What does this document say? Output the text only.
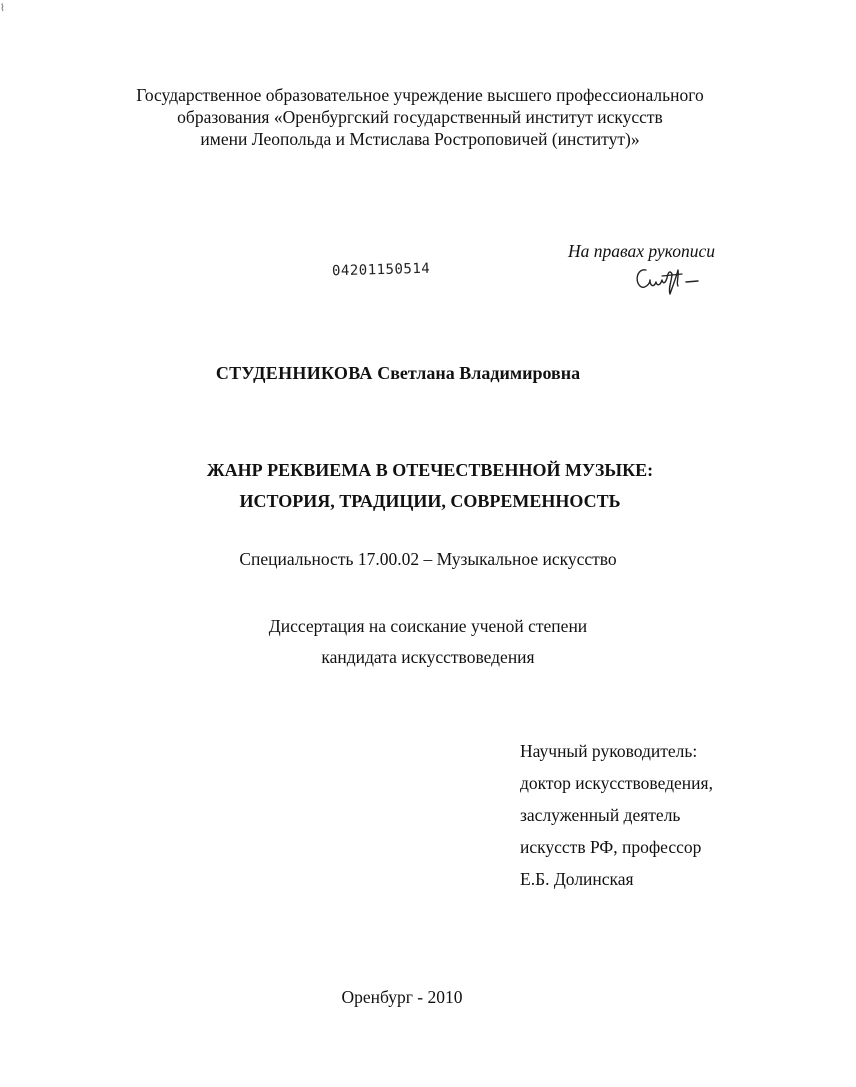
⌇
Государственное образовательное учреждение высшего профессионального
образования «Оренбургский государственный институт искусств
имени Леопольда и Мстислава Ростроповичей (институт)»
04201150514
На правах рукописи
СТУДЕННИКОВА Светлана Владимировна
ЖАНР РЕКВИЕМА В ОТЕЧЕСТВЕННОЙ МУЗЫКЕ:
ИСТОРИЯ, ТРАДИЦИИ, СОВРЕМЕННОСТЬ
Специальность 17.00.02 – Музыкальное искусство
Диссертация на соискание ученой степени
кандидата искусствоведения
Научный руководитель:
доктор искусствоведения,
заслуженный деятель
искусств РФ, профессор
Е.Б. Долинская
Оренбург - 2010
